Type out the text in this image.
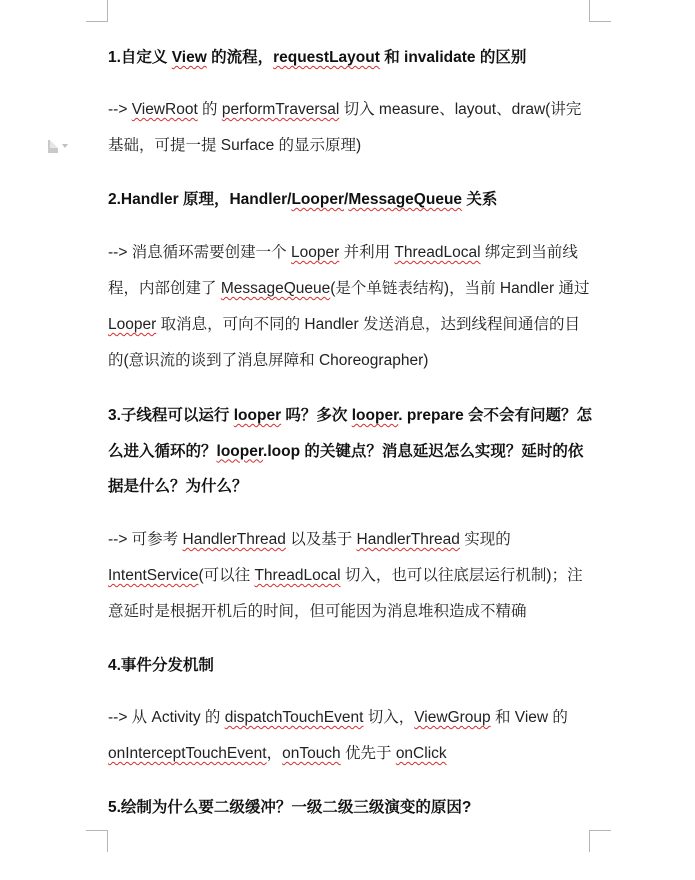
1.自定义 View 的流程，requestLayout 和 invalidate 的区别

--> ViewRoot 的 performTraversal 切入 measure、layout、draw(讲完基础，可提一提 Surface 的显示原理)

2.Handler 原理，Handler/Looper/MessageQueue 关系

--> 消息循环需要创建一个 Looper 并利用 ThreadLocal 绑定到当前线程，内部创建了 MessageQueue(是个单链表结构)，当前 Handler 通过 Looper 取消息，可向不同的 Handler 发送消息，达到线程间通信的目的(意识流的谈到了消息屏障和 Choreographer)

3.子线程可以运行 looper 吗？多次 looper. prepare 会不会有问题？怎么进入循环的？looper.loop 的关键点？消息延迟怎么实现？延时的依据是什么？为什么？

--> 可参考 HandlerThread 以及基于 HandlerThread 实现的 IntentService(可以往 ThreadLocal 切入，也可以往底层运行机制)；注意延时是根据开机后的时间，但可能因为消息堆积造成不精确

4.事件分发机制

--> 从 Activity 的 dispatchTouchEvent 切入，ViewGroup 和 View 的 onInterceptTouchEvent，onTouch 优先于 onClick

5.绘制为什么要二级缓冲？一级二级三级演变的原因?
